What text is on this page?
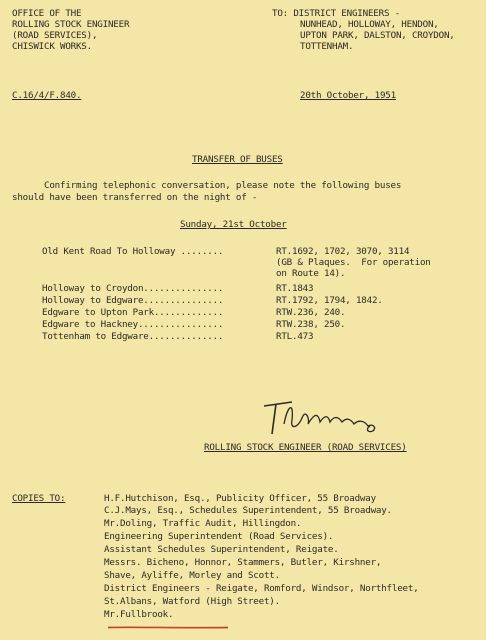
OFFICE OF THE
ROLLING STOCK ENGINEER
(ROAD SERVICES),
CHISWICK WORKS.
TO: DISTRICT ENGINEERS -
NUNHEAD, HOLLOWAY, HENDON,
UPTON PARK, DALSTON, CROYDON,
TOTTENHAM.
C.16/4/F.840.	20th October, 1951
TRANSFER OF BUSES
Confirming telephonic conversation, please note the following buses
should have been transferred on the night of -
Sunday, 21st October
Old Kent Road To Holloway ........	RT.1692, 1702, 3070, 3114
(GB & Plaques.  For operation
on Route 14).
Holloway to Croydon...............	RT.1843
Holloway to Edgware...............	RT.1792, 1794, 1842.
Edgware to Upton Park.............	RTW.236, 240.
Edgware to Hackney................	RTW.238, 250.
Tottenham to Edgware..............	RTL.473
ROLLING STOCK ENGINEER (ROAD SERVICES)
COPIES TO:	H.F.Hutchison, Esq., Publicity Officer, 55 Broadway
C.J.Mays, Esq., Schedules Superintendent, 55 Broadway.
Mr.Doling, Traffic Audit, Hillingdon.
Engineering Superintendent (Road Services).
Assistant Schedules Superintendent, Reigate.
Messrs. Bicheno, Honnor, Stammers, Butler, Kirshner,
Shave, Ayliffe, Morley and Scott.
District Engineers - Reigate, Romford, Windsor, Northfleet,
St.Albans, Watford (High Street).
Mr.Fullbrook.
